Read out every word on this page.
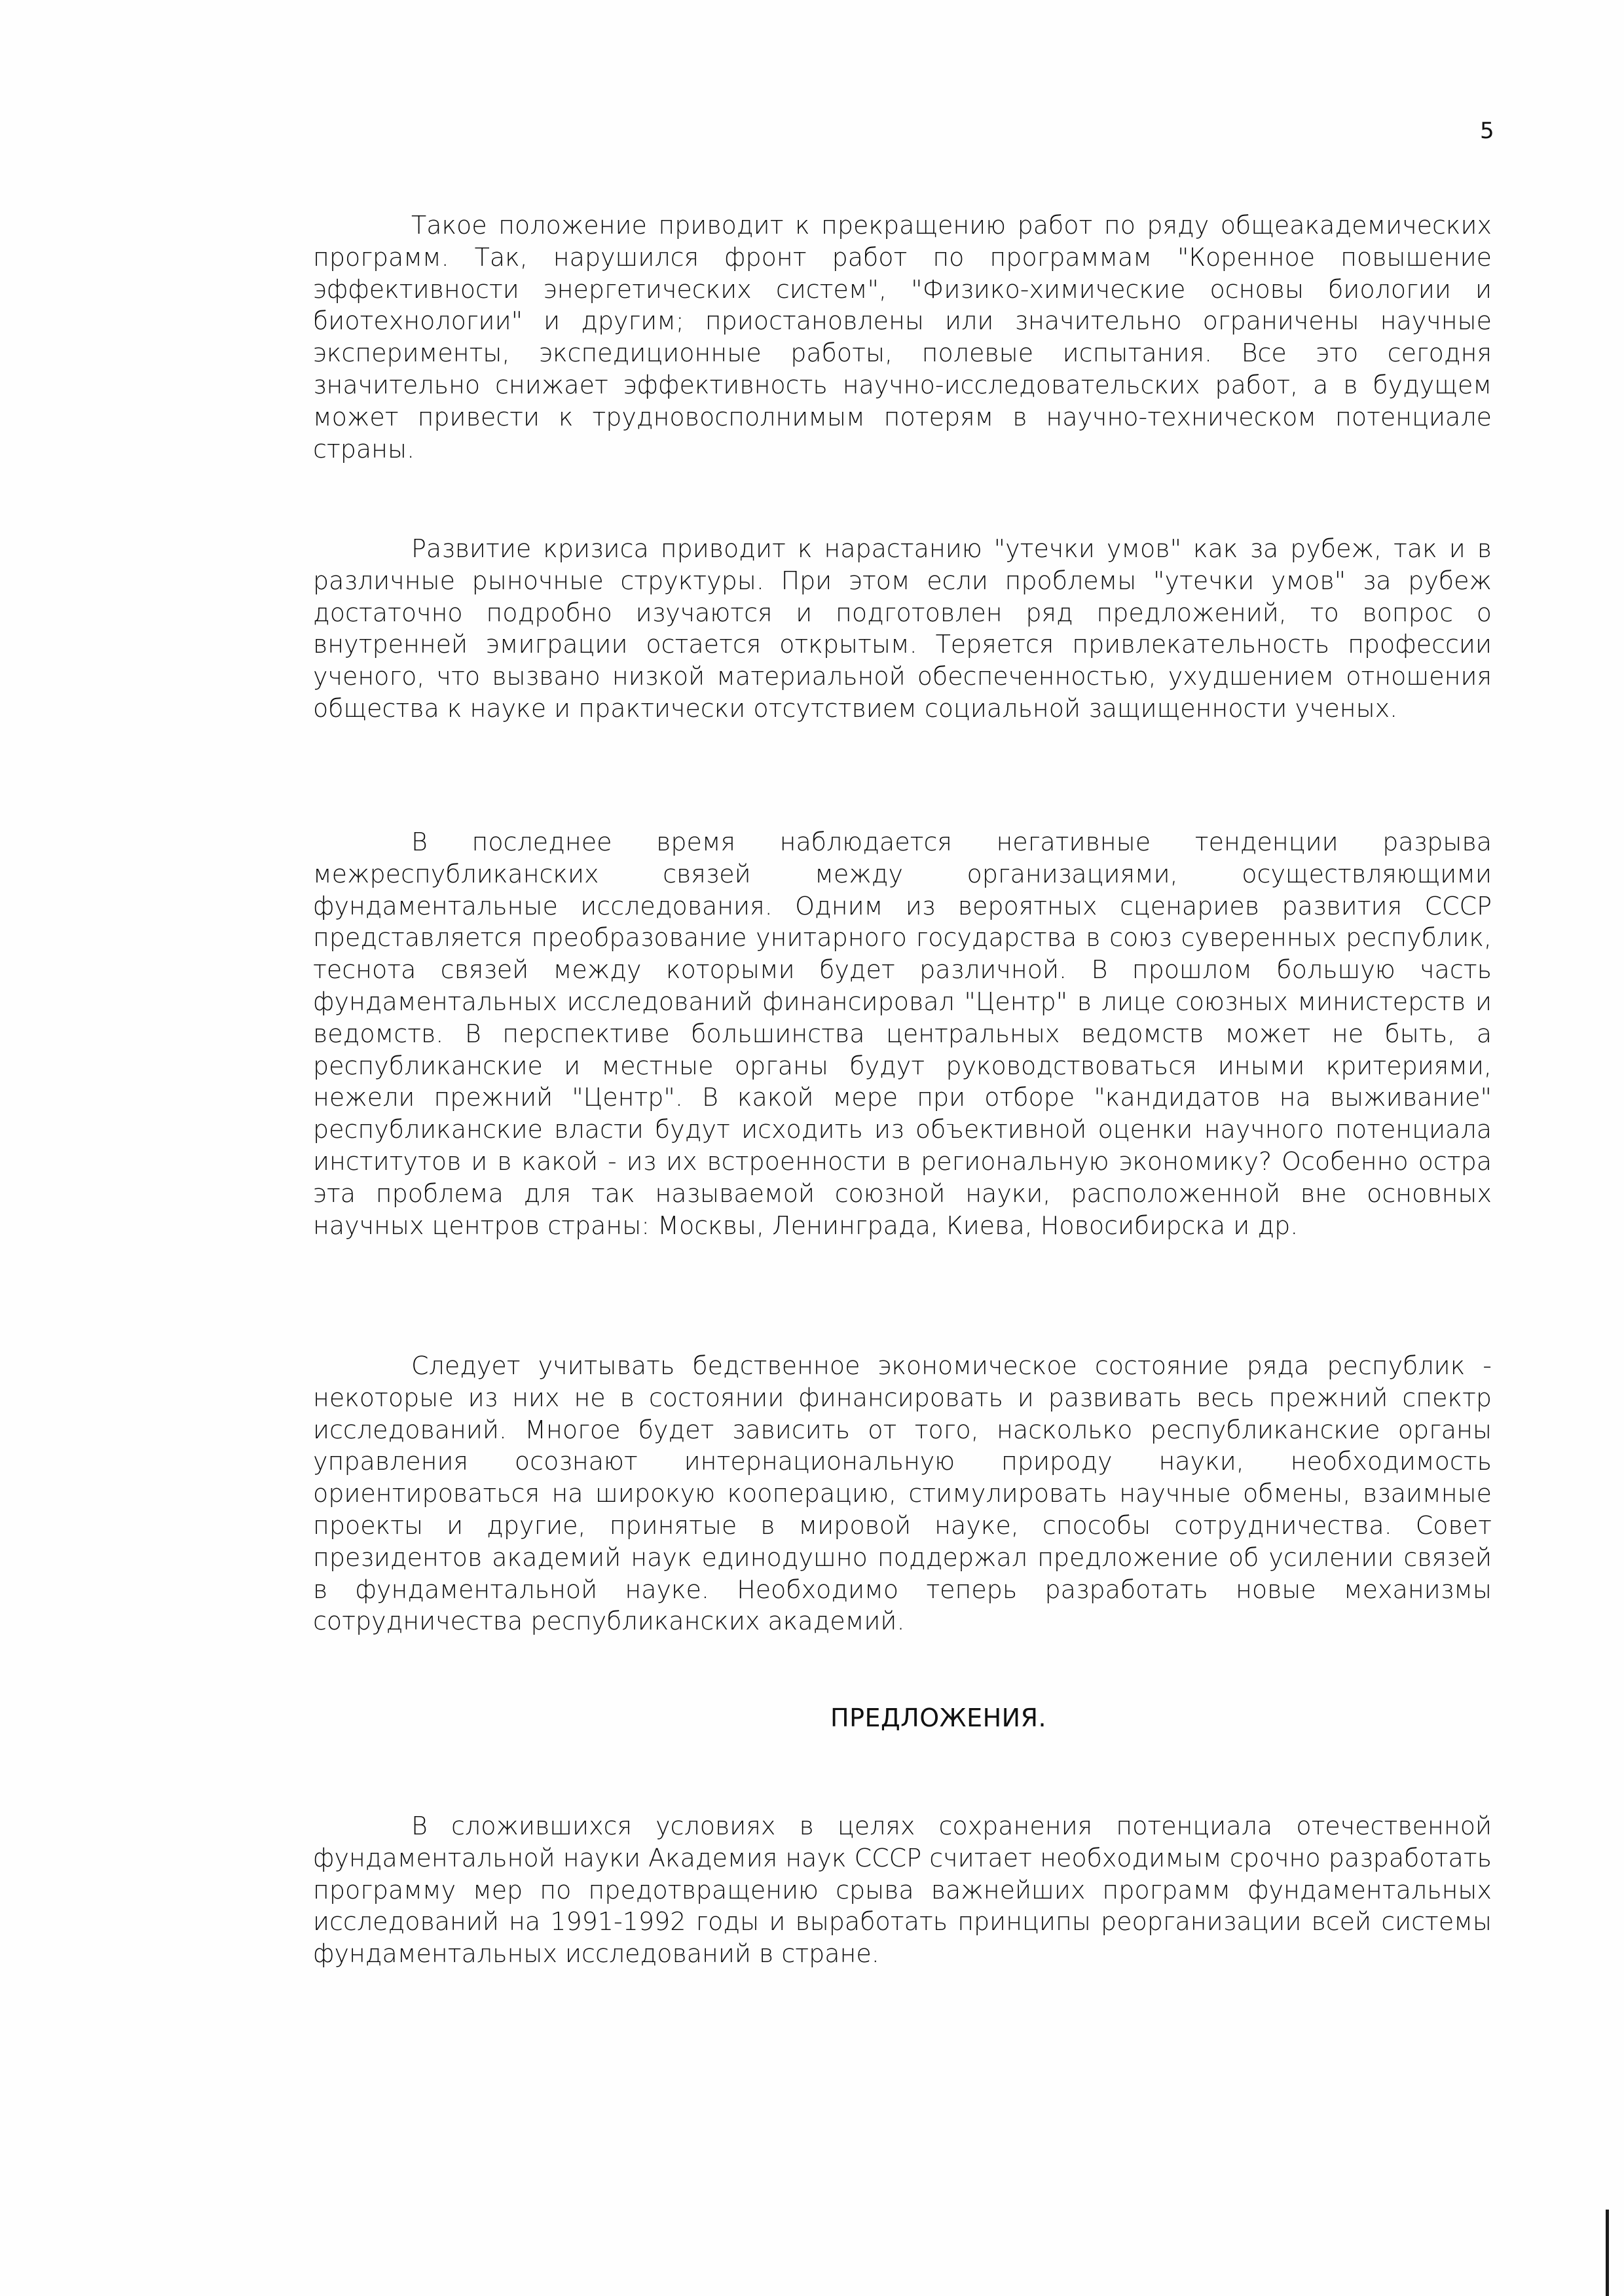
5

Такое положение приводит к прекращению работ по ряду общеакадемических программ. Так, нарушился фронт работ по программам "Коренное повышение эффективности энергетических систем", "Физико-химические основы биологии и биотехнологии" и другим; приостановлены или значительно ограничены научные эксперименты, экспедиционные работы, полевые испытания. Все это сегодня значительно снижает эффективность научно-исследовательских работ, а в будущем может привести к трудновосполнимым потерям в научно-техническом потенциале страны.

Развитие кризиса приводит к нарастанию "утечки умов" как за рубеж, так и в различные рыночные структуры. При этом если проблемы "утечки умов" за рубеж достаточно подробно изучаются и подготовлен ряд предложений, то вопрос о внутренней эмиграции остается открытым. Теряется привлекательность профессии ученого, что вызвано низкой материальной обеспеченностью, ухудшением отношения общества к науке и практически отсутствием социальной защищенности ученых.

В последнее время наблюдается негативные тенденции разрыва межреспубликанских связей между организациями, осуществляющими фундаментальные исследования. Одним из вероятных сценариев развития СССР представляется преобразование унитарного государства в союз суверенных республик, теснота связей между которыми будет различной. В прошлом большую часть фундаментальных исследований финансировал "Центр" в лице союзных министерств и ведомств. В перспективе большинства центральных ведомств может не быть, а республиканские и местные органы будут руководствоваться иными критериями, нежели прежний "Центр". В какой мере при отборе "кандидатов на выживание" республиканские власти будут исходить из объективной оценки научного потенциала институтов и в какой - из их встроенности в региональную экономику? Особенно остра эта проблема для так называемой союзной науки, расположенной вне основных научных центров страны: Москвы, Ленинграда, Киева, Новосибирска и др.

Следует учитывать бедственное экономическое состояние ряда республик - некоторые из них не в состоянии финансировать и развивать весь прежний спектр исследований. Многое будет зависить от того, насколько республиканские органы управления осознают интернациональную природу науки, необходимость ориентироваться на широкую кооперацию, стимулировать научные обмены, взаимные проекты и другие, принятые в мировой науке, способы сотрудничества. Совет президентов академий наук единодушно поддержал предложение об усилении связей в фундаментальной науке. Необходимо теперь разработать новые механизмы сотрудничества республиканских академий.

ПРЕДЛОЖЕНИЯ.

В сложившихся условиях в целях сохранения потенциала отечественной фундаментальной науки Академия наук СССР считает необходимым срочно разработать программу мер по предотвращению срыва важнейших программ фундаментальных исследований на 1991-1992 годы и выработать принципы реорганизации всей системы фундаментальных исследований в стране.
